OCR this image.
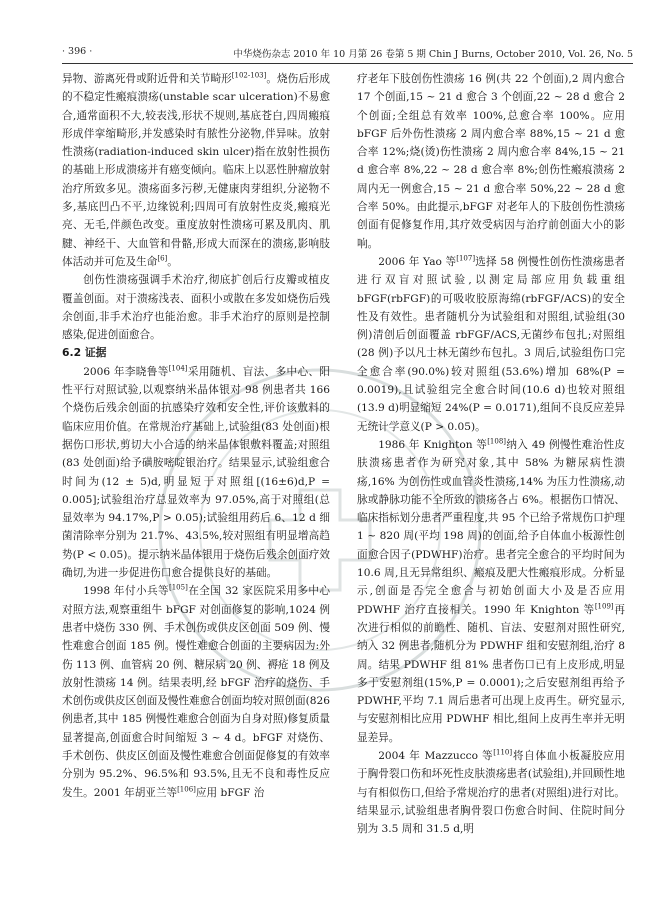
· 396 ·	中华烧伤杂志 2010 年 10 月第 26 卷第 5 期 Chin J Burns, October 2010, Vol. 26, No. 5

异物、游离死骨或附近骨和关节畸形[102-103]。烧伤后形成的不稳定性瘢痕溃疡(unstable scar ulceration)不易愈合,通常面积不大,较表浅,形状不规则,基底苍白,四周瘢痕形成伴挛缩畸形,并发感染时有脓性分泌物,伴异味。放射性溃疡(radiation-induced skin ulcer)指在放射性损伤的基础上形成溃疡并有癌变倾向。临床上以恶性肿瘤放射治疗所致多见。溃疡面多污秽,无健康肉芽组织,分泌物不多,基底凹凸不平,边缘锐利;四周可有放射性皮炎,瘢痕光亮、无毛,伴颜色改变。重度放射性溃疡可累及肌肉、肌腱、神经干、大血管和骨骼,形成大而深在的溃疡,影响肢体活动并可危及生命[6]。

创伤性溃疡强调手术治疗,彻底扩创后行皮瓣或植皮覆盖创面。对于溃疡浅表、面积小或散在多发如烧伤后残余创面,非手术治疗也能治愈。非手术治疗的原则是控制感染,促进创面愈合。

6.2 证据

2006 年李晓鲁等[104]采用随机、盲法、多中心、阳性平行对照试验,以观察纳米晶体银对 98 例患者共 166 个烧伤后残余创面的抗感染疗效和安全性,评价该敷料的临床应用价值。在常规治疗基础上,试验组(83 处创面)根据伤口形状,剪切大小合适的纳米晶体银敷料覆盖;对照组(83 处创面)给予磺胺嘧啶银治疗。结果显示,试验组愈合时间为(12 ± 5)d,明显短于对照组[(16±6)d,P = 0.005];试验组治疗总显效率为 97.05%,高于对照组(总显效率为 94.17%,P > 0.05);试验组用药后 6、12 d 细菌清除率分别为 21.7%、43.5%,较对照组有明显增高趋势(P < 0.05)。提示纳米晶体银用于烧伤后残余创面疗效确切,为进一步促进伤口愈合提供良好的基础。

1998 年付小兵等[105]在全国 32 家医院采用多中心对照方法,观察重组牛 bFGF 对创面修复的影响,1024 例患者中烧伤 330 例、手术创伤或供皮区创面 509 例、慢性难愈合创面 185 例。慢性难愈合创面的主要病因为:外伤 113 例、血管病 20 例、糖尿病 20 例、褥疮 18 例及放射性溃疡 14 例。结果表明,经 bFGF 治疗的烧伤、手术创伤或供皮区创面及慢性难愈合创面均较对照创面(826 例患者,其中 185 例慢性难愈合创面为自身对照)修复质量显著提高,创面愈合时间缩短 3 ~ 4 d。bFGF 对烧伤、手术创伤、供皮区创面及慢性难愈合创面促修复的有效率分别为 95.2%、96.5%和 93.5%,且无不良和毒性反应发生。2001 年胡亚兰等[106]应用 bFGF 治

疗老年下肢创伤性溃疡 16 例(共 22 个创面),2 周内愈合 17 个创面,15 ~ 21 d 愈合 3 个创面,22 ~ 28 d 愈合 2 个创面;全组总有效率 100%,总愈合率 100%。应用 bFGF 后外伤性溃疡 2 周内愈合率 88%,15 ~ 21 d 愈合率 12%;烧(烫)伤性溃疡 2 周内愈合率 84%,15 ~ 21 d 愈合率 8%,22 ~ 28 d 愈合率 8%;创伤性瘢痕溃疡 2 周内无一例愈合,15 ~ 21 d 愈合率 50%,22 ~ 28 d 愈合率 50%。由此提示,bFGF 对老年人的下肢创伤性溃疡创面有促修复作用,其疗效受病因与治疗前创面大小的影响。

2006 年 Yao 等[107]选择 58 例慢性创伤性溃疡患者进行双盲对照试验,以测定局部应用负载重组 bFGF(rbFGF)的可吸收胶原海绵(rbFGF/ACS)的安全性及有效性。患者随机分为试验组和对照组,试验组(30 例)清创后创面覆盖 rbFGF/ACS,无菌纱布包扎;对照组(28 例)予以凡士林无菌纱布包扎。3 周后,试验组伤口完全愈合率(90.0%)较对照组(53.6%)增加 68%(P = 0.0019),且试验组完全愈合时间(10.6 d)也较对照组(13.9 d)明显缩短 24%(P = 0.0171),组间不良反应差异无统计学意义(P > 0.05)。

1986 年 Knighton 等[108]纳入 49 例慢性难治性皮肤溃疡患者作为研究对象,其中 58% 为糖尿病性溃疡,16% 为创伤性或血管炎性溃疡,14% 为压力性溃疡,动脉或静脉功能不全所致的溃疡各占 6%。根据伤口情况、临床指标划分患者严重程度,共 95 个已给予常规伤口护理 1 ~ 820 周(平均 198 周)的创面,给予自体血小板源性创面愈合因子(PDWHF)治疗。患者完全愈合的平均时间为 10.6 周,且无异常组织、瘢痕及肥大性瘢痕形成。分析显示,创面是否完全愈合与初始创面大小及是否应用 PDWHF 治疗直接相关。1990 年 Knighton 等[109]再次进行相似的前瞻性、随机、盲法、安慰剂对照性研究,纳入 32 例患者,随机分为 PDWHF 组和安慰剂组,治疗 8 周。结果 PDWHF 组 81% 患者伤口已有上皮形成,明显多于安慰剂组(15%,P = 0.0001);之后安慰剂组再给予 PDWHF,平均 7.1 周后患者可出现上皮再生。研究显示,与安慰剂相比应用 PDWHF 相比,组间上皮再生率并无明显差异。

2004 年 Mazzucco 等[110]将自体血小板凝胶应用于胸骨裂口伤和坏死性皮肤溃疡患者(试验组),并回顾性地与有相似伤口,但给予常规治疗的患者(对照组)进行对比。结果显示,试验组患者胸骨裂口伤愈合时间、住院时间分别为 3.5 周和 31.5 d,明
